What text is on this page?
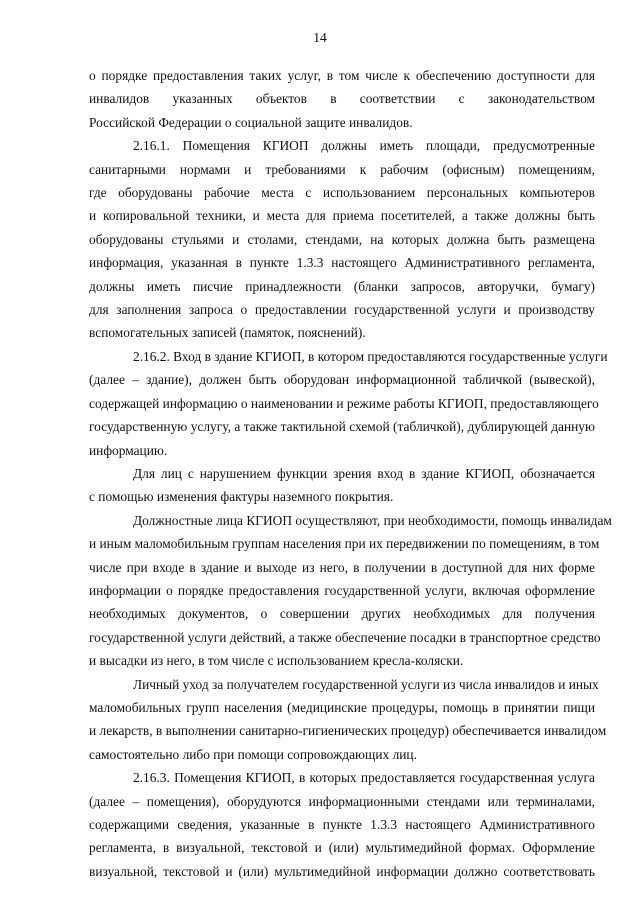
14

о порядке предоставления таких услуг, в том числе к обеспечению доступности для
инвалидов указанных объектов в соответствии с законодательством
Российской Федерации о социальной защите инвалидов.

2.16.1. Помещения КГИОП должны иметь площади, предусмотренные
санитарными нормами и требованиями к рабочим (офисным) помещениям,
где оборудованы рабочие места с использованием персональных компьютеров
и копировальной техники, и места для приема посетителей, а также должны быть
оборудованы стульями и столами, стендами, на которых должна быть размещена
информация, указанная в пункте 1.3.3 настоящего Административного регламента,
должны иметь писчие принадлежности (бланки запросов, авторучки, бумагу)
для заполнения запроса о предоставлении государственной услуги и производству
вспомогательных записей (памяток, пояснений).

2.16.2. Вход в здание КГИОП, в котором предоставляются государственные услуги
(далее – здание), должен быть оборудован информационной табличкой (вывеской),
содержащей информацию о наименовании и режиме работы КГИОП, предоставляющего
государственную услугу, а также тактильной схемой (табличкой), дублирующей данную
информацию.

Для лиц с нарушением функции зрения вход в здание КГИОП, обозначается
с помощью изменения фактуры наземного покрытия.

Должностные лица КГИОП осуществляют, при необходимости, помощь инвалидам
и иным маломобильным группам населения при их передвижении по помещениям, в том
числе при входе в здание и выходе из него, в получении в доступной для них форме
информации о порядке предоставления государственной услуги, включая оформление
необходимых документов, о совершении других необходимых для получения
государственной услуги действий, а также обеспечение посадки в транспортное средство
и высадки из него, в том числе с использованием кресла-коляски.

Личный уход за получателем государственной услуги из числа инвалидов и иных
маломобильных групп населения (медицинские процедуры, помощь в принятии пищи
и лекарств, в выполнении санитарно-гигиенических процедур) обеспечивается инвалидом
самостоятельно либо при помощи сопровождающих лиц.

2.16.3. Помещения КГИОП, в которых предоставляется государственная услуга
(далее – помещения), оборудуются информационными стендами или терминалами,
содержащими сведения, указанные в пункте 1.3.3 настоящего Административного
регламента, в визуальной, текстовой и (или) мультимедийной формах. Оформление
визуальной, текстовой и (или) мультимедийной информации должно соответствовать
